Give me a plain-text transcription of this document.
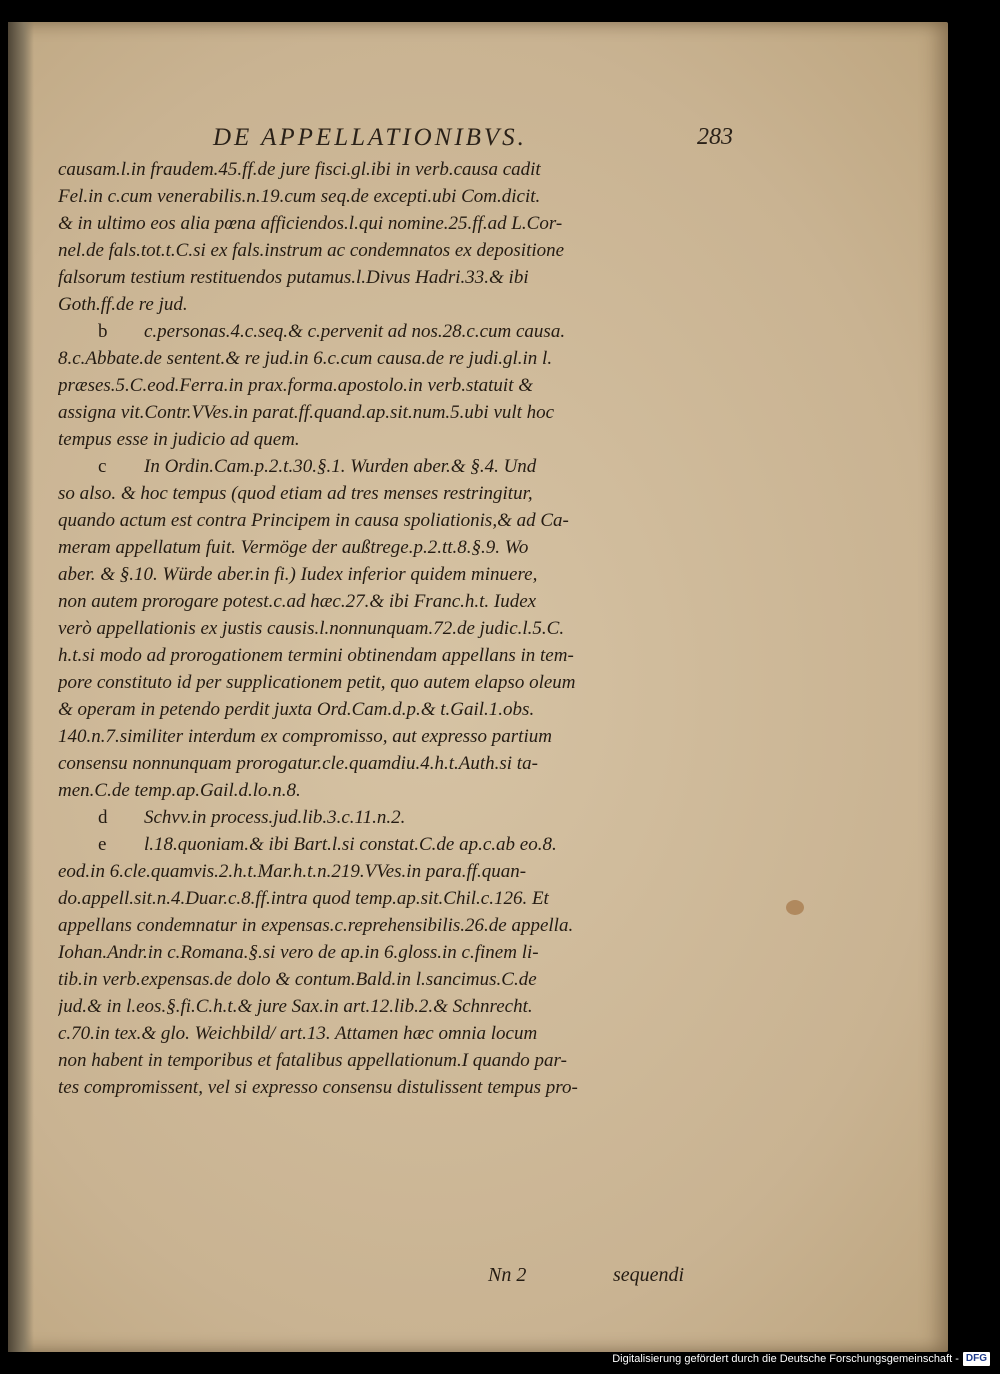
DE APPELLATIONIBVS.	283
causam.l.in fraudem.45.ff.de jure fisci.gl.ibi in verb.causa cadit
Fel.in c.cum venerabilis.n.19.cum seq.de excepti.ubi Com.dicit.
& in ultimo eos alia pœna afficiendos.l.qui nomine.25.ff.ad L.Cor-
nel.de fals.tot.t.C.si ex fals.instrum ac condemnatos ex depositione
falsorum testium restituendos putamus.l.Divus Hadri.33.& ibi
Goth.ff.de re jud.
b c.personas.4.c.seq.& c.pervenit ad nos.28.c.cum causa.
8.c.Abbate.de sentent.& re jud.in 6.c.cum causa.de re judi.gl.in l.
præses.5.C.eod.Ferra.in prax.forma.apostolo.in verb.statuit &
assigna vit.Contr.VVes.in parat.ff.quand.ap.sit.num.5.ubi vult hoc
tempus esse in judicio ad quem.
c In Ordin.Cam.p.2.t.30.§.1. Wurden aber.& §.4. Und
so also. & hoc tempus (quod etiam ad tres menses restringitur,
quando actum est contra Principem in causa spoliationis,& ad Ca-
meram appellatum fuit. Vermöge der außtrege.p.2.tt.8.§.9. Wo
aber. & §.10. Würde aber.in fi.) Iudex inferior quidem minuere,
non autem prorogare potest.c.ad hæc.27.& ibi Franc.h.t. Iudex
verò appellationis ex justis causis.l.nonnunquam.72.de judic.l.5.C.
h.t.si modo ad prorogationem termini obtinendam appellans in tem-
pore constituto id per supplicationem petit, quo autem elapso oleum
& operam in petendo perdit juxta Ord.Cam.d.p.& t.Gail.1.obs.
140.n.7.similiter interdum ex compromisso, aut expresso partium
consensu nonnunquam prorogatur.cle.quamdiu.4.h.t.Auth.si ta-
men.C.de temp.ap.Gail.d.lo.n.8.
d Schvv.in process.jud.lib.3.c.11.n.2.
e l.18.quoniam.& ibi Bart.l.si constat.C.de ap.c.ab eo.8.
eod.in 6.cle.quamvis.2.h.t.Mar.h.t.n.219.VVes.in para.ff.quan-
do.appell.sit.n.4.Duar.c.8.ff.intra quod temp.ap.sit.Chil.c.126. Et
appellans condemnatur in expensas.c.reprehensibilis.26.de appella.
Iohan.Andr.in c.Romana.§.si vero de ap.in 6.gloss.in c.finem li-
tib.in verb.expensas.de dolo & contum.Bald.in l.sancimus.C.de
jud.& in l.eos.§.fi.C.h.t.& jure Sax.in art.12.lib.2.& Schnrecht.
c.70.in tex.& glo. Weichbild/ art.13. Attamen hæc omnia locum
non habent in temporibus et fatalibus appellationum.I quando par-
tes compromissent, vel si expresso consensu distulissent tempus pro-
Nn 2	sequendi
Digitalisierung gefördert durch die Deutsche Forschungsgemeinschaft - DFG
